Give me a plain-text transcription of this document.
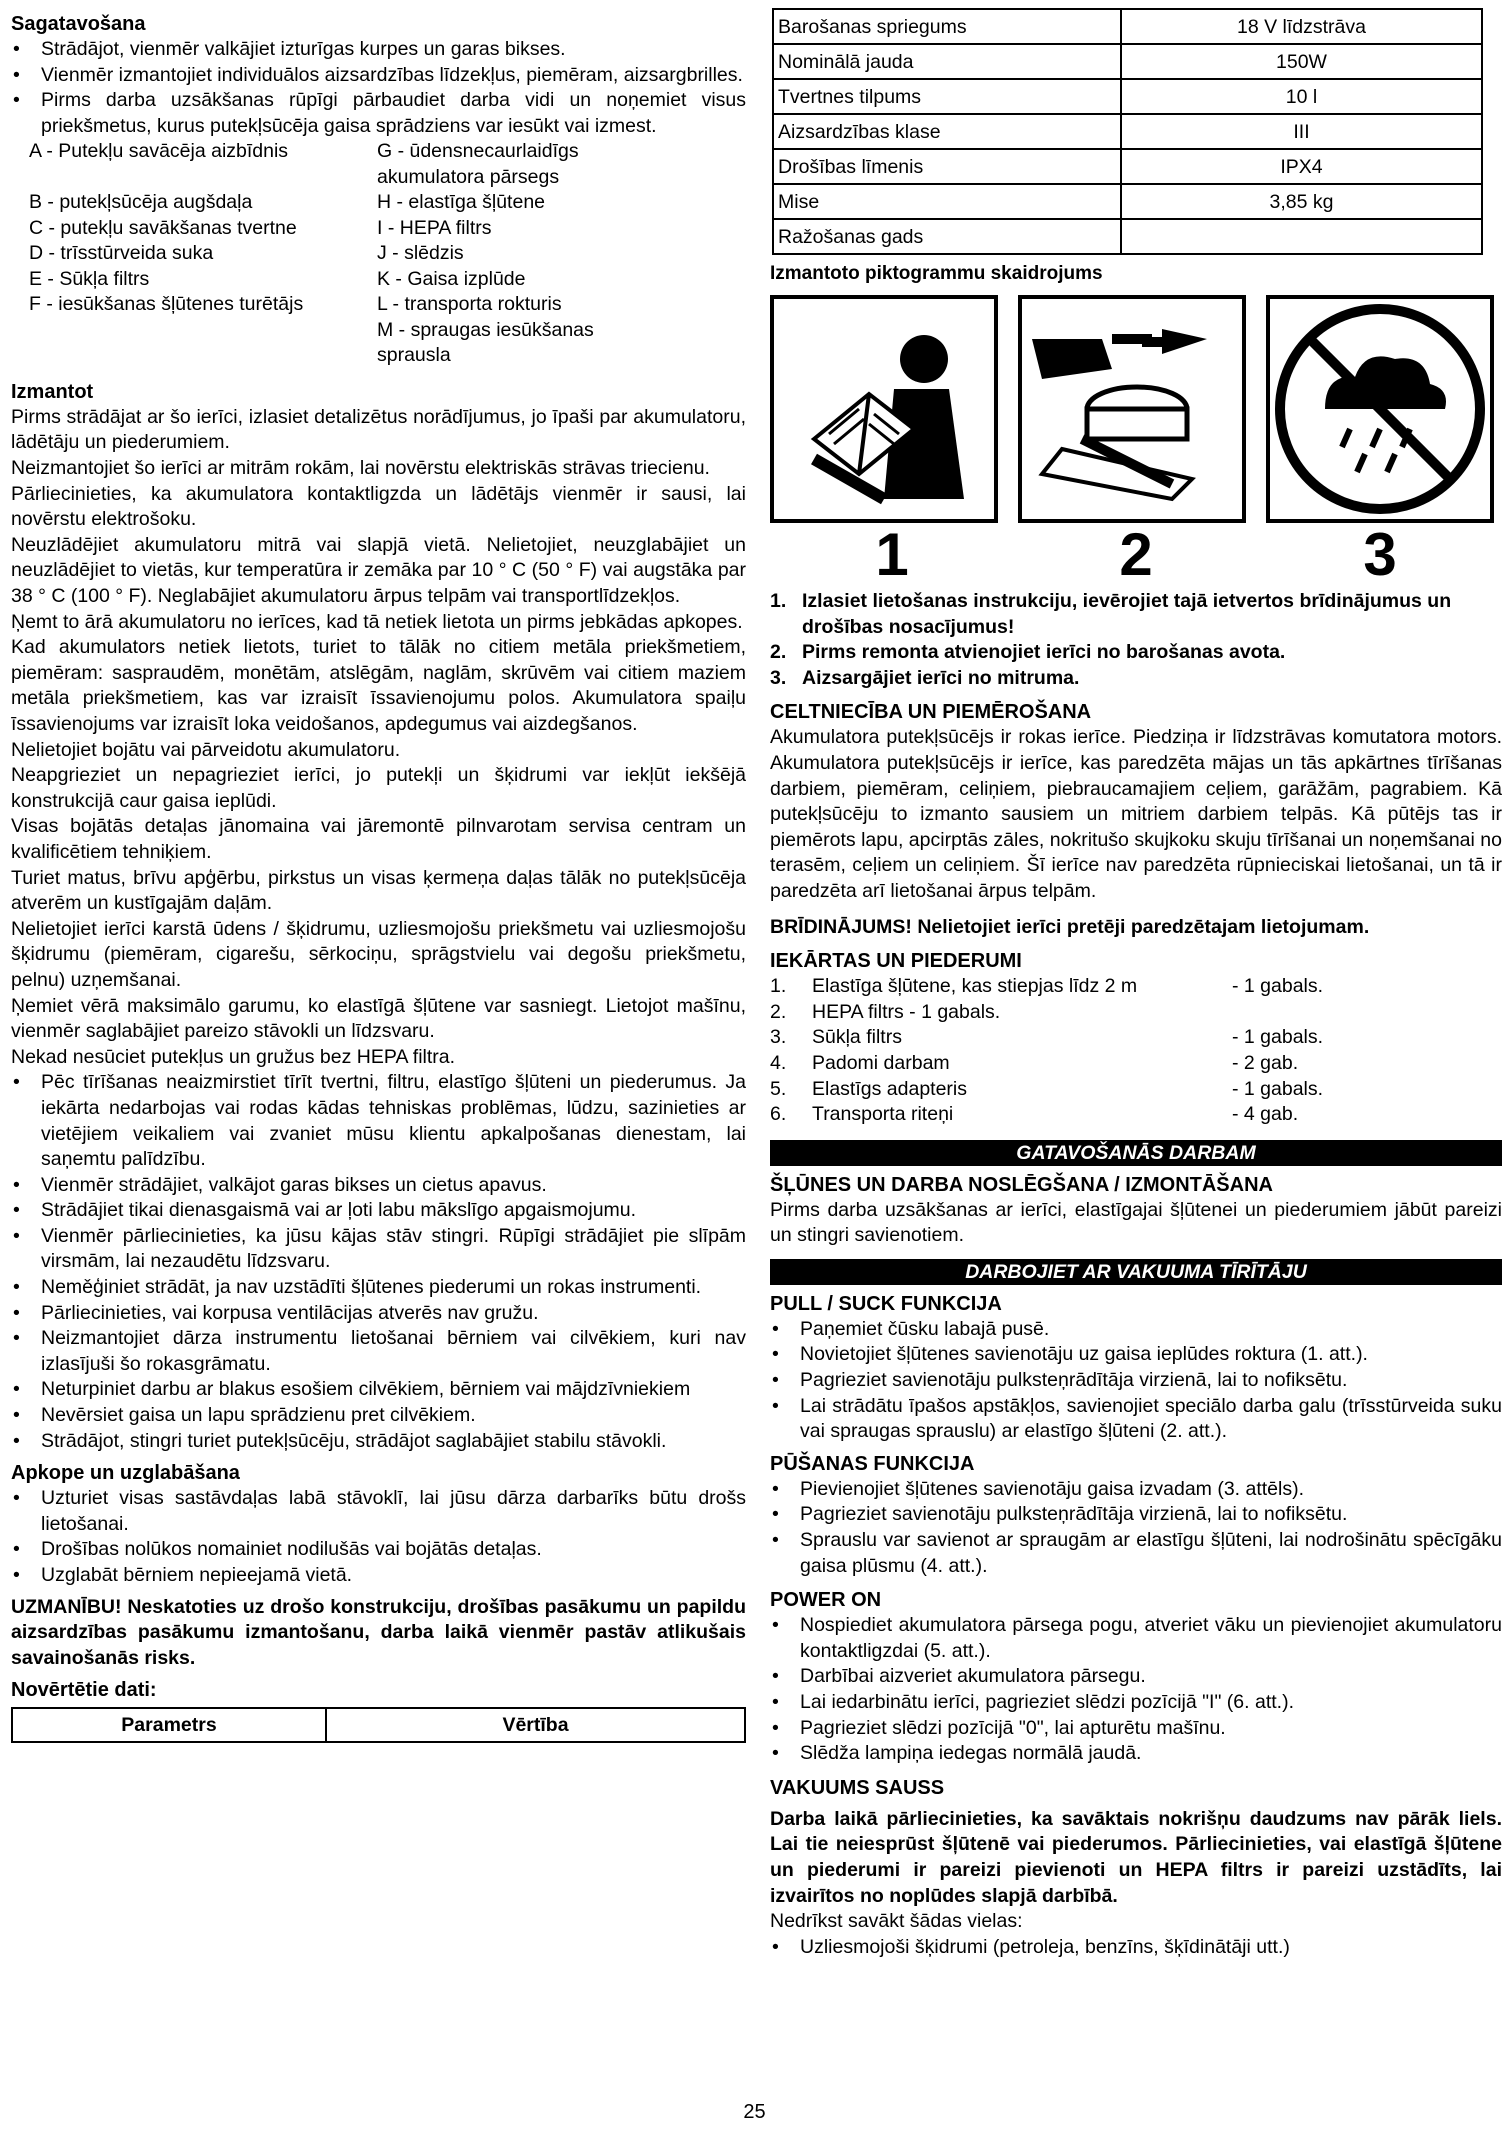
Sagatavošana
• Strādājot, vienmēr valkājiet izturīgas kurpes un garas bikses.
• Vienmēr izmantojiet individuālos aizsardzības līdzekļus, piemēram, aizsargbrilles.
• Pirms darba uzsākšanas rūpīgi pārbaudiet darba vidi un noņemiet visus priekšmetus, kurus putekļsūcēja gaisa sprādziens var iesūkt vai izmest.
A - Putekļu savācēja aizbīdnis
B - putekļsūcēja augšdaļa
C - putekļu savākšanas tvertne
D - trīsstūrveida suka
E - Sūkļa filtrs
F - iesūkšanas šļūtenes turētājs
G - ūdensnecaurlaidīgs akumulatora pārsegs
H - elastīga šļūtene
I - HEPA filtrs
J - slēdzis
K - Gaisa izplūde
L - transporta rokturis
M - spraugas iesūkšanas sprausla
Izmantot

Pirms strādājat ar šo ierīci, izlasiet detalizētus norādījumus, jo īpaši par akumulatoru, lādētāju un piederumiem.

Neizmantojiet šo ierīci ar mitrām rokām, lai novērstu elektriskās strāvas triecienu.

Pārliecinieties, ka akumulatora kontaktligzda un lādētājs vienmēr ir sausi, lai novērstu elektrošoku.

Neuzlādējiet akumulatoru mitrā vai slapjā vietā. Nelietojiet, neuzglabājiet un neuzlādējiet to vietās, kur temperatūra ir zemāka par 10 ° C (50 ° F) vai augstāka par 38 ° C (100 ° F). Neglabājiet akumulatoru ārpus telpām vai transportlīdzekļos.

Ņemt to ārā akumulatoru no ierīces, kad tā netiek lietota un pirms jebkādas apkopes.

Kad akumulators netiek lietots, turiet to tālāk no citiem metāla priekšmetiem, piemēram: saspraudēm, monētām, atslēgām, naglām, skrūvēm vai citiem maziem metāla priekšmetiem, kas var izraisīt īssavienojumu polos. Akumulatora spaiļu īssavienojums var izraisīt loka veidošanos, apdegumus vai aizdegšanos.

Nelietojiet bojātu vai pārveidotu akumulatoru.

Neapgrieziet un nepagrieziet ierīci, jo putekļi un šķidrumi var iekļūt iekšējā konstrukcijā caur gaisa ieplūdi.

Visas bojātās detaļas jānomaina vai jāremontē pilnvarotam servisa centram un kvalificētiem tehniķiem.

Turiet matus, brīvu apģērbu, pirkstus un visas ķermeņa daļas tālāk no putekļsūcēja atverēm un kustīgajām daļām.

Nelietojiet ierīci karstā ūdens / šķidrumu, uzliesmojošu priekšmetu vai uzliesmojošu šķidrumu (piemēram, cigarešu, sērkociņu, sprāgstvielu vai degošu priekšmetu, pelnu) uzņemšanai.

Ņemiet vērā maksimālo garumu, ko elastīgā šļūtene var sasniegt. Lietojot mašīnu, vienmēr saglabājiet pareizo stāvokli un līdzsvaru.

Nekad nesūciet putekļus un gružus bez HEPA filtra.

• Pēc tīrīšanas neaizmirstiet tīrīt tvertni, filtru, elastīgo šļūteni un piederumus. Ja iekārta nedarbojas vai rodas kādas tehniskas problēmas, lūdzu, sazinieties ar vietējiem veikaliem vai zvaniet mūsu klientu apkalpošanas dienestam, lai saņemtu palīdzību.
• Vienmēr strādājiet, valkājot garas bikses un cietus apavus.
• Strādājiet tikai dienasgaismā vai ar ļoti labu mākslīgo apgaismojumu.
• Vienmēr pārliecinieties, ka jūsu kājas stāv stingri. Rūpīgi strādājiet pie slīpām virsmām, lai nezaudētu līdzsvaru.
• Neměģiniet strādāt, ja nav uzstādīti šļūtenes piederumi un rokas instrumenti.
• Pārliecinieties, vai korpusa ventilācijas atverēs nav gružu.
• Neizmantojiet dārza instrumentu lietošanai bērniem vai cilvēkiem, kuri nav izlasījuši šo rokasgrāmatu.
• Neturpiniet darbu ar blakus esošiem cilvēkiem, bērniem vai mājdzīvniekiem
• Nevērsiet gaisa un lapu sprādzienu pret cilvēkiem.
• Strādājot, stingri turiet putekļsūcēju, strādājot saglabājiet stabilu stāvokli.
Apkope un uzglabāšana
• Uzturiet visas sastāvdaļas labā stāvoklī, lai jūsu dārza darbarīks būtu drošs lietošanai.
• Drošības nolūkos nomainiet nodilušās vai bojātās detaļas.
• Uzglabāt bērniem nepieejamā vietā.

UZMANĪBU! Neskatoties uz drošo konstrukciju, drošības pasākumu un papildu aizsardzības pasākumu izmantošanu, darba laikā vienmēr pastāv atlikušais savainošanās risks.

Novērtētie dati:
Parametrs	Vērtība
Barošanas spriegums	18 V līdzstrāva
Nominālā jauda	150W
Tvertnes tilpums	10 l
Aizsardzības klase	III
Drošības līmenis	IPX4
Mise	3,85 kg
Ražošanas gads	
Izmantoto piktogrammu skaidrojums
1	2	3
1. Izlasiet lietošanas instrukciju, ievērojiet tajā ietvertos brīdinājumus un drošības nosacījumus!
2. Pirms remonta atvienojiet ierīci no barošanas avota.
3. Aizsargājiet ierīci no mitruma.
CELTNIECĪBA UN PIEMĒROŠANA

Akumulatora putekļsūcējs ir rokas ierīce. Piedziņa ir līdzstrāvas komutatora motors. Akumulatora putekļsūcējs ir ierīce, kas paredzēta mājas un tās apkārtnes tīrīšanas darbiem, piemēram, celiņiem, piebraucamajiem ceļiem, garāžām, pagrabiem. Kā putekļsūcēju to izmanto sausiem un mitriem darbiem telpās. Kā pūtējs tas ir piemērots lapu, apcirptās zāles, nokritušo skujkoku skuju tīrīšanai un noņemšanai no terasēm, ceļiem un celiņiem. Šī ierīce nav paredzēta rūpnieciskai lietošanai, un tā ir paredzēta arī lietošanai ārpus telpām.

BRĪDINĀJUMS! Nelietojiet ierīci pretēji paredzētajam lietojumam.

IEKĀRTAS UN PIEDERUMI
1.	Elastīga šļūtene, kas stiepjas līdz 2 m	- 1 gabals.
2.	HEPA filtrs - 1 gabals.
3.	Sūkļa filtrs	- 1 gabals.
4.	Padomi darbam	- 2 gab.
5.	Elastīgs adapteris	- 1 gabals.
6.	Transporta riteņi	- 4 gab.
GATAVOŠANĀS DARBAM
ŠĻŪNES UN DARBA NOSLĒGŠANA / IZMONTĀŠANA

Pirms darba uzsākšanas ar ierīci, elastīgajai šļūtenei un piederumiem jābūt pareizi un stingri savienotiem.

DARBOJIET AR VAKUUMA TĪRĪTĀJU
PULL / SUCK FUNKCIJA
• Paņemiet čūsku labajā pusē.
• Novietojiet šļūtenes savienotāju uz gaisa ieplūdes roktura (1. att.).
• Pagrieziet savienotāju pulksteņrādītāja virzienā, lai to nofiksētu.
• Lai strādātu īpašos apstākļos, savienojiet speciālo darba galu (trīsstūrveida suku vai spraugas sprauslu) ar elastīgo šļūteni (2. att.).
PŪŠANAS FUNKCIJA
• Pievienojiet šļūtenes savienotāju gaisa izvadam (3. attēls).
• Pagrieziet savienotāju pulksteņrādītāja virzienā, lai to nofiksētu.
• Sprauslu var savienot ar spraugām ar elastīgu šļūteni, lai nodrošinātu spēcīgāku gaisa plūsmu (4. att.).
POWER ON
• Nospiediet akumulatora pārsega pogu, atveriet vāku un pievienojiet akumulatoru kontaktligzdai (5. att.).
• Darbībai aizveriet akumulatora pārsegu.
• Lai iedarbinātu ierīci, pagrieziet slēdzi pozīcijā "I" (6. att.).
• Pagrieziet slēdzi pozīcijā "0", lai apturētu mašīnu.
• Slēdža lampiņa iedegas normālā jaudā.
VAKUUMS SAUSS

Darba laikā pārliecinieties, ka savāktais nokrišņu daudzums nav pārāk liels. Lai tie neiesprūst šļūtenē vai piederumos. Pārliecinieties, vai elastīgā šļūtene un piederumi ir pareizi pievienoti un HEPA filtrs ir pareizi uzstādīts, lai izvairītos no noplūdes slapjā darbībā.

Nedrīkst savākt šādas vielas:

• Uzliesmojoši šķidrumi (petroleja, benzīns, šķīdinātāji utt.)
25
